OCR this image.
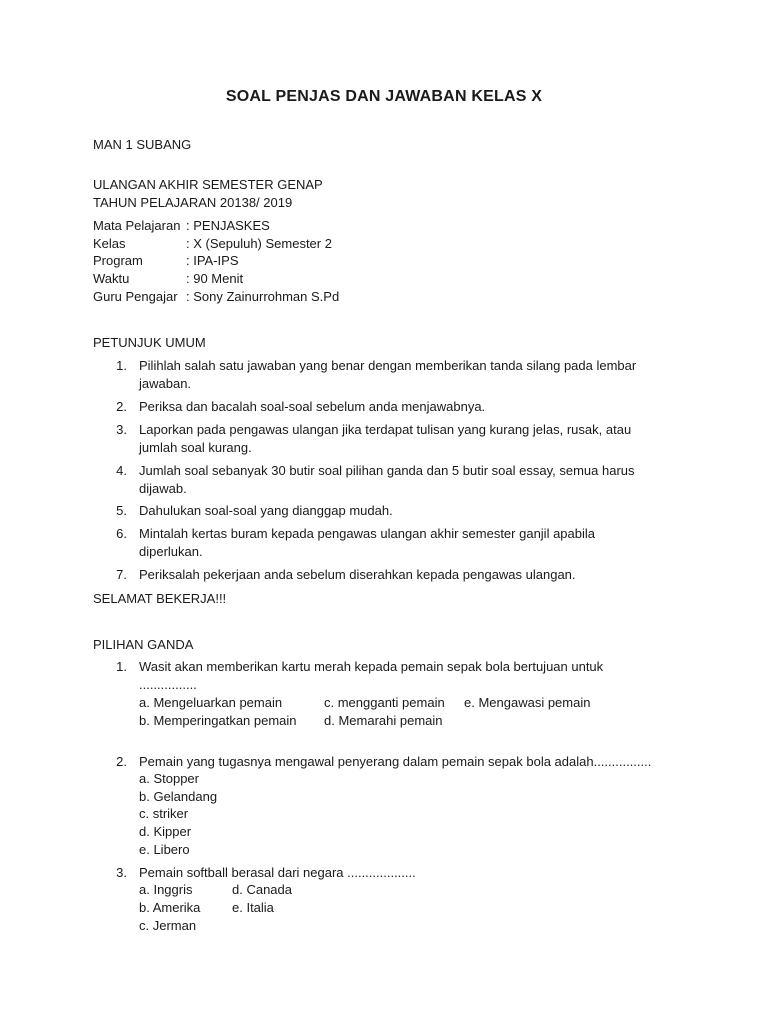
SOAL PENJAS DAN JAWABAN KELAS X
MAN 1 SUBANG
ULANGAN AKHIR SEMESTER GENAP
TAHUN PELAJARAN 20138/ 2019
Mata Pelajaran : PENJASKES
Kelas	: X (Sepuluh) Semester 2
Program	: IPA-IPS
Waktu	: 90 Menit
Guru Pengajar : Sony Zainurrohman S.Pd
PETUNJUK UMUM
1. Pilihlah salah satu jawaban yang benar dengan memberikan tanda silang pada lembar
jawaban.
2. Periksa dan bacalah soal-soal sebelum anda menjawabnya.
3. Laporkan pada pengawas ulangan jika terdapat tulisan yang kurang jelas, rusak, atau
jumlah soal kurang.
4. Jumlah soal sebanyak 30 butir soal pilihan ganda dan 5 butir soal essay, semua harus
dijawab.
5. Dahulukan soal-soal yang dianggap mudah.
6. Mintalah kertas buram kepada pengawas ulangan akhir semester ganjil apabila
diperlukan.
7. Periksalah pekerjaan anda sebelum diserahkan kepada pengawas ulangan.
SELAMAT BEKERJA!!!
PILIHAN GANDA
1. Wasit akan memberikan kartu merah kepada pemain sepak bola bertujuan untuk
................
a. Mengeluarkan pemain	c. mengganti pemain e. Mengawasi pemain
b. Memperingatkan pemain d. Memarahi pemain
2. Pemain yang tugasnya mengawal penyerang dalam pemain sepak bola adalah................
a. Stopper
b. Gelandang
c. striker
d. Kipper
e. Libero
3. Pemain softball berasal dari negara ...................
a. Inggris	d. Canada
b. Amerika e. Italia
c. Jerman
